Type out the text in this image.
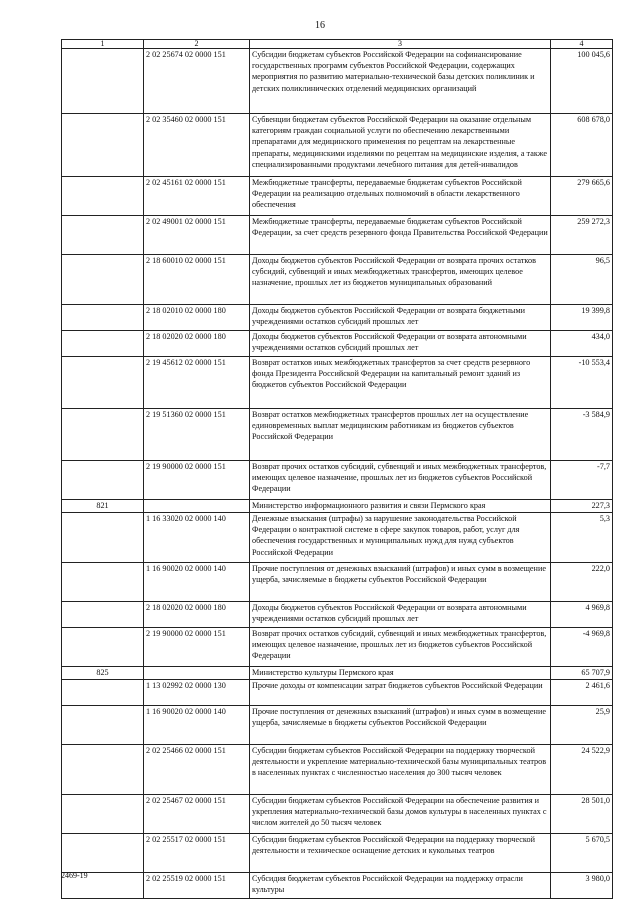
16
1	2	3	4
	2 02 25674 02 0000 151	Субсидии бюджетам субъектов Российской Федерации на софинансирование государственных программ субъектов Российской Федерации, содержащих мероприятия по развитию материально-технической базы детских поликлиник и детских поликлинических отделений медицинских организаций	100 045,6
	2 02 35460 02 0000 151	Субвенции бюджетам субъектов Российской Федерации на оказание отдельным категориям граждан социальной услуги по обеспечению лекарственными препаратами для медицинского применения по рецептам на лекарственные препараты, медицинскими изделиями по рецептам на медицинские изделия, а также специализированными продуктами лечебного питания для детей-инвалидов	608 678,0
	2 02 45161 02 0000 151	Межбюджетные трансферты, передаваемые бюджетам субъектов Российской Федерации на реализацию отдельных полномочий в области лекарственного обеспечения	279 665,6
	2 02 49001 02 0000 151	Межбюджетные трансферты, передаваемые бюджетам субъектов Российской Федерации, за счет средств резервного фонда Правительства Российской Федерации	259 272,3
	2 18 60010 02 0000 151	Доходы бюджетов субъектов Российской Федерации от возврата прочих остатков субсидий, субвенций и иных межбюджетных трансфертов, имеющих целевое назначение, прошлых лет из бюджетов муниципальных образований	96,5
	2 18 02010 02 0000 180	Доходы бюджетов субъектов Российской Федерации от возврата бюджетными учреждениями остатков субсидий прошлых лет	19 399,8
	2 18 02020 02 0000 180	Доходы бюджетов субъектов Российской Федерации от возврата автономными учреждениями остатков субсидий прошлых лет	434,0
	2 19 45612 02 0000 151	Возврат остатков иных межбюджетных трансфертов за счет средств резервного фонда Президента Российской Федерации на капитальный ремонт зданий из бюджетов субъектов Российской Федерации	-10 553,4
	2 19 51360 02 0000 151	Возврат остатков межбюджетных трансфертов прошлых лет на осуществление единовременных выплат медицинским работникам из бюджетов субъектов Российской Федерации	-3 584,9
	2 19 90000 02 0000 151	Возврат прочих остатков субсидий, субвенций и иных межбюджетных трансфертов, имеющих целевое назначение, прошлых лет из бюджетов субъектов Российской Федерации	-7,7
821		Министерство информационного развития и связи Пермского края	227,3
	1 16 33020 02 0000 140	Денежные взыскания (штрафы) за нарушение законодательства Российской Федерации о контрактной системе в сфере закупок товаров, работ, услуг для обеспечения государственных и муниципальных нужд для нужд субъектов Российской Федерации	5,3
	1 16 90020 02 0000 140	Прочие поступления от денежных взысканий (штрафов) и иных сумм в возмещение ущерба, зачисляемые в бюджеты субъектов Российской Федерации	222,0
	2 18 02020 02 0000 180	Доходы бюджетов субъектов Российской Федерации от возврата автономными учреждениями остатков субсидий прошлых лет	4 969,8
	2 19 90000 02 0000 151	Возврат прочих остатков субсидий, субвенций и иных межбюджетных трансфертов, имеющих целевое назначение, прошлых лет из бюджетов субъектов Российской Федерации	-4 969,8
825		Министерство культуры Пермского края	65 707,9
	1 13 02992 02 0000 130	Прочие доходы от компенсации затрат бюджетов субъектов Российской Федерации	2 461,6
	1 16 90020 02 0000 140	Прочие поступления от денежных взысканий (штрафов) и иных сумм в возмещение ущерба, зачисляемые в бюджеты субъектов Российской Федерации	25,9
	2 02 25466 02 0000 151	Субсидии бюджетам субъектов Российской Федерации на поддержку творческой деятельности и укрепление материально-технической базы муниципальных театров в населенных пунктах с численностью населения до 300 тысяч человек	24 522,9
	2 02 25467 02 0000 151	Субсидии бюджетам субъектов Российской Федерации на обеспечение развития и укрепления материально-технической базы домов культуры в населенных пунктах с числом жителей до 50 тысяч человек	28 501,0
	2 02 25517 02 0000 151	Субсидии бюджетам субъектов Российской Федерации на поддержку творческой деятельности и техническое оснащение детских и кукольных театров	5 670,5
	2 02 25519 02 0000 151	Субсидия бюджетам субъектов Российской Федерации на поддержку отрасли культуры	3 980,0
2469-19
